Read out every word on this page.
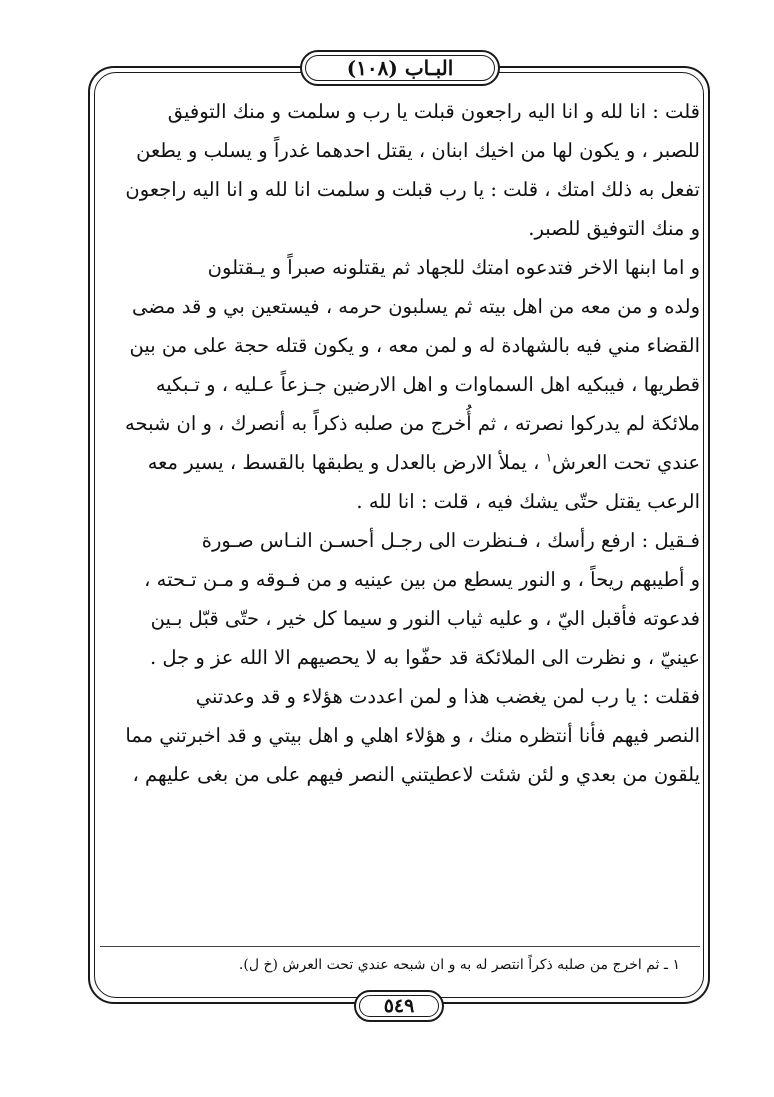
البـاب (١٠٨)
قلت : انا لله و انا اليه راجعون قبلت يا رب و سلمت و منك التوفيق
للصبر ، و يكون لها من اخيك ابنان ، يقتل احدهما غدراً و يسلب و يطعن
تفعل به ذلك امتك ، قلت : يا رب قبلت و سلمت انا لله و انا اليه راجعون
و منك التوفيق للصبر.
و اما ابنها الاخر فتدعوه امتك للجهاد ثم يقتلونه صبراً و يـقتلون
ولده و من معه من اهل بيته ثم يسلبون حرمه ، فيستعين بي و قد مضى
القضاء مني فيه بالشهادة له و لمن معه ، و يكون قتله حجة على من بين
قطريها ، فيبكيه اهل السماوات و اهل الارضين جـزعاً عـليه ، و تـبكيه
ملائكة لم يدركوا نصرته ، ثم أُخرج من صلبه ذكراً به أنصرك ، و ان شبحه
عندي تحت العرش$^١$ ، يملأ الارض بالعدل و يطبقها بالقسط ، يسير معه
الرعب يقتل حتّى يشك فيه ، قلت : انا لله .
فـقيل : ارفع رأسك ، فـنظرت الى رجـل أحسـن النـاس صـورة
و أطيبهم ريحاً ، و النور يسطع من بين عينيه و من فـوقه و مـن تـحته ،
فدعوته فأقبل اليّ ، و عليه ثياب النور و سيما كل خير ، حتّى قبّل بـين
عينيّ ، و نظرت الى الملائكة قد حفّوا به لا يحصيهم الا الله عز و جل .
فقلت : يا رب لمن يغضب هذا و لمن اعددت هؤلاء و قد وعدتني
النصر فيهم فأنا أنتظره منك ، و هؤلاء اهلي و اهل بيتي و قد اخبرتني مما
يلقون من بعدي و لئن شئت لاعطيتني النصر فيهم على من بغى عليهم ،
١ ـ ثم اخرج من صلبه ذكراً انتصر له به و ان شبحه عندي تحت العرش (خ ل).
٥٤٩
